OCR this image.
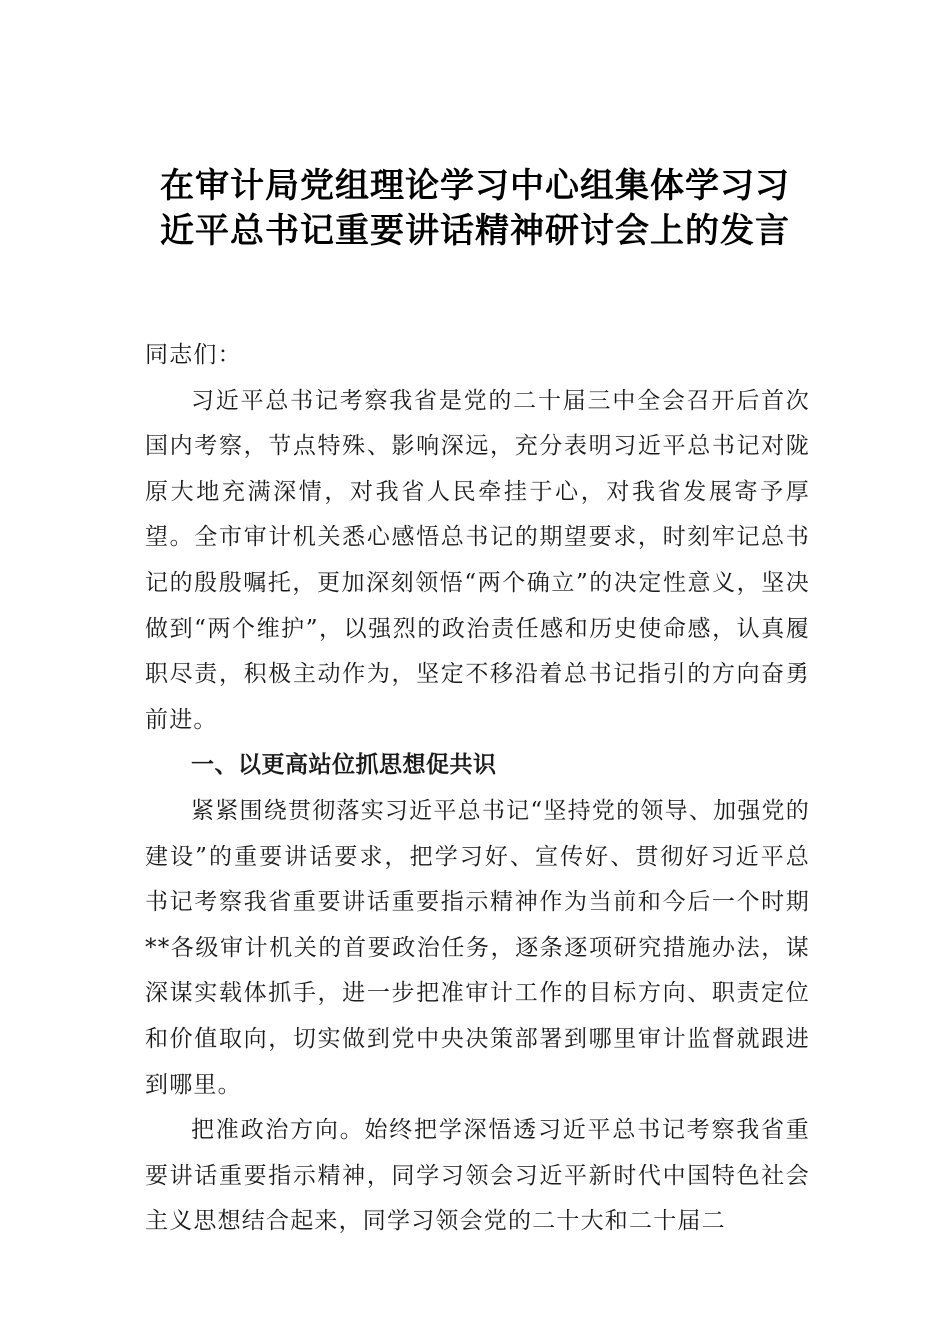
在审计局党组理论学习中心组集体学习习
近平总书记重要讲话精神研讨会上的发言

同志们：

习近平总书记考察我省是党的二十届三中全会召开后首次国内考察，节点特殊、影响深远，充分表明习近平总书记对陇原大地充满深情，对我省人民牵挂于心，对我省发展寄予厚望。全市审计机关悉心感悟总书记的期望要求，时刻牢记总书记的殷殷嘱托，更加深刻领悟“两个确立”的决定性意义，坚决做到“两个维护”，以强烈的政治责任感和历史使命感，认真履职尽责，积极主动作为，坚定不移沿着总书记指引的方向奋勇前进。

一、以更高站位抓思想促共识

紧紧围绕贯彻落实习近平总书记“坚持党的领导、加强党的建设”的重要讲话要求，把学习好、宣传好、贯彻好习近平总书记考察我省重要讲话重要指示精神作为当前和今后一个时期**各级审计机关的首要政治任务，逐条逐项研究措施办法，谋深谋实载体抓手，进一步把准审计工作的目标方向、职责定位和价值取向，切实做到党中央决策部署到哪里审计监督就跟进到哪里。

把准政治方向。始终把学深悟透习近平总书记考察我省重要讲话重要指示精神，同学习领会习近平新时代中国特色社会主义思想结合起来，同学习领会党的二十大和二十届二
